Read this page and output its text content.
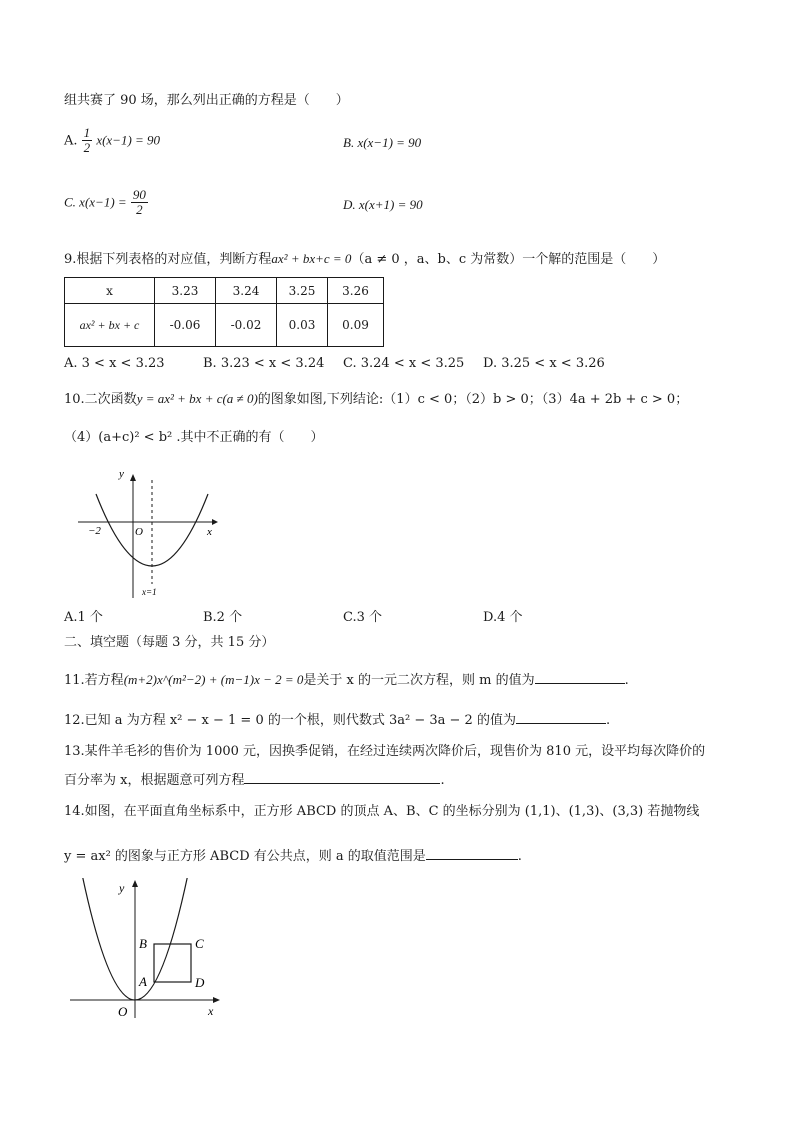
组共赛了 90 场，那么列出正确的方程是（　　）
A. $\frac{1}{2} x(x-1) = 90$	B. x(x−1) = 90
C. $x(x-1) = \frac{90}{2}$	D. x(x+1) = 90
9.根据下列表格的对应值，判断方程ax² + bx+c = 0（a ≠ 0 ，a、b、c 为常数）一个解的范围是（　　）
x	3.23	3.24	3.25	3.26
ax² + bx + c	-0.06	-0.02	0.03	0.09
A. 3 < x < 3.23	B. 3.23 < x < 3.24 C. 3.24 < x < 3.25 D. 3.25 < x < 3.26
10.二次函数y = ax² + bx + c(a ≠ 0)的图象如图,下列结论:（1）c < 0；（2）b > 0；（3）4a + 2b + c > 0；
（4）(a+c)² < b² .其中不正确的有（　　）
y
x
O
−2
x=1
A.1 个	B.2 个	C.3 个	D.4 个
二、填空题（每题 3 分，共 15 分）
11.若方程(m+2)x^(m²−2) + (m−1)x − 2 = 0是关于 x 的一元二次方程，则 m 的值为	.
12.已知 a 为方程 x² − x − 1 = 0 的一个根，则代数式 3a² − 3a − 2 的值为	.
13.某件羊毛衫的售价为 1000 元，因换季促销，在经过连续两次降价后，现售价为 810 元，设平均每次降价的
百分率为 x，根据题意可列方程	.
14.如图，在平面直角坐标系中，正方形 ABCD 的顶点 A、B、C 的坐标分别为 (1,1)、(1,3)、(3,3) 若抛物线
y = ax² 的图象与正方形 ABCD 有公共点，则 a 的取值范围是	.
y
x
O
A
B	C
D
